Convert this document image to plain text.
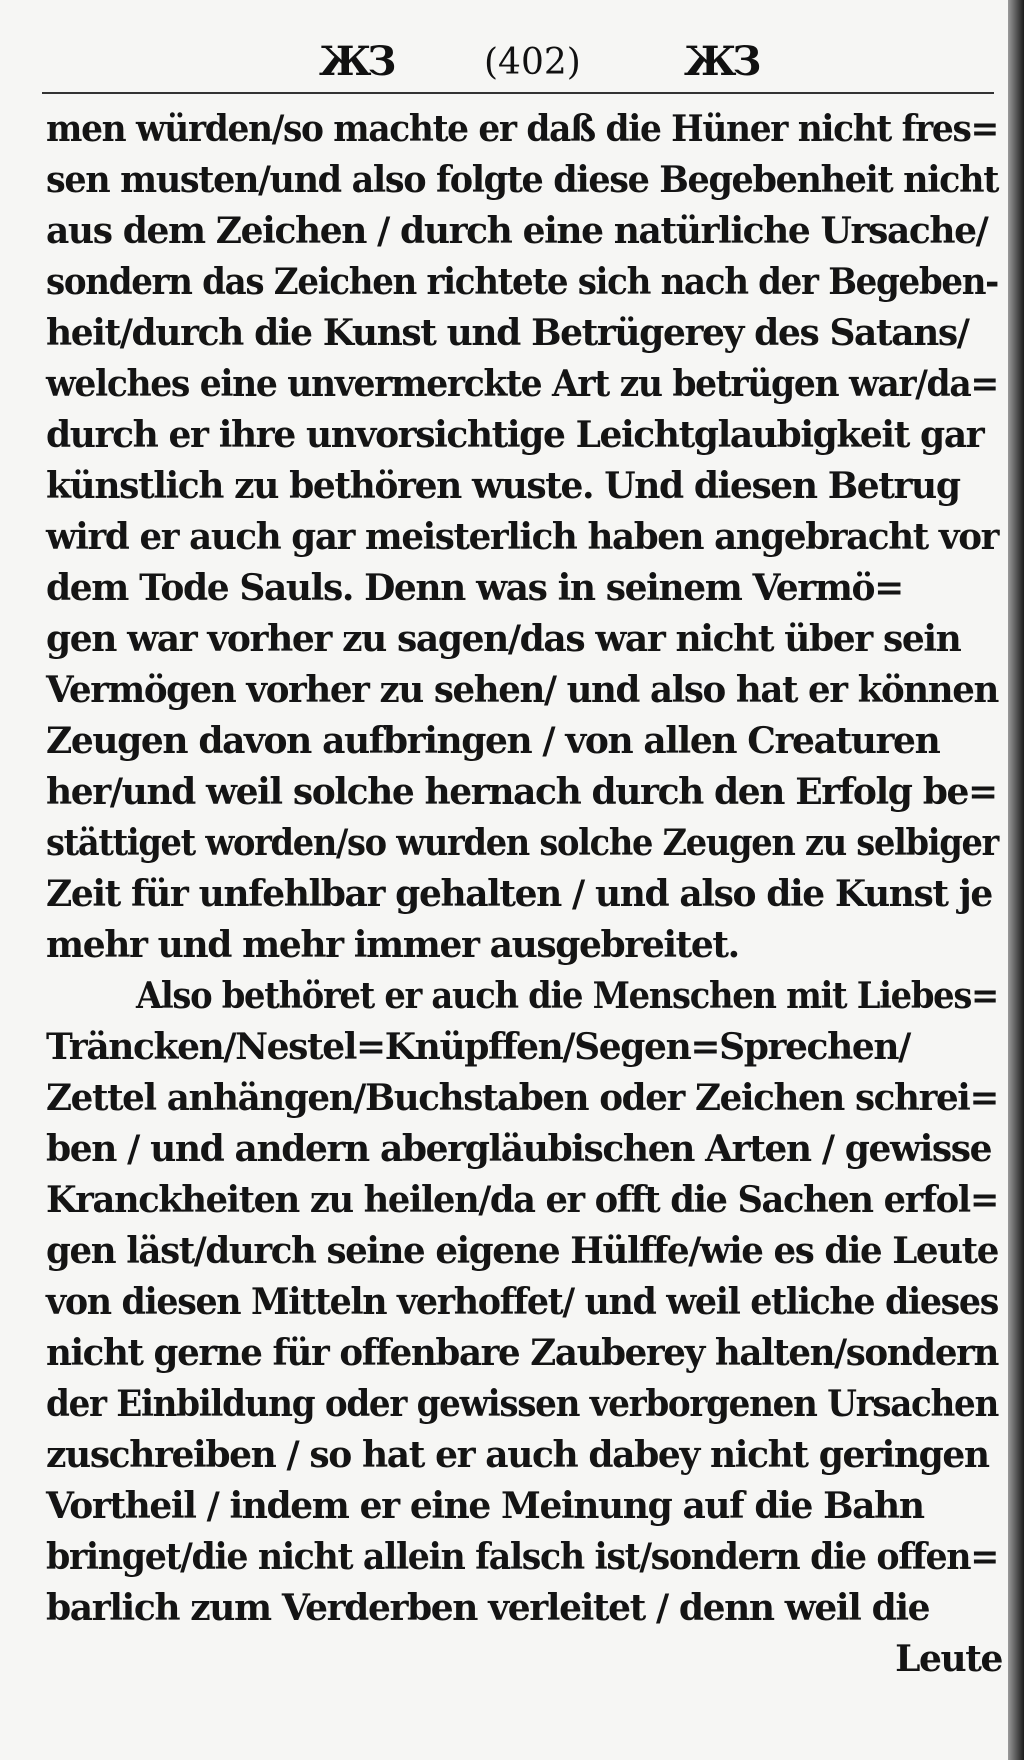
ЖЗ	(402)	ЖЗ
men würden/so machte er daß die Hüner nicht fres=
sen musten/und also folgte diese Begebenheit nicht
aus dem Zeichen / durch eine natürliche Ursache/
sondern das Zeichen richtete sich nach der Begeben-
heit/durch die Kunst und Betrügerey des Satans/
welches eine unvermerckte Art zu betrügen war/da=
durch er ihre unvorsichtige Leichtglaubigkeit gar
künstlich zu bethören wuste. Und diesen Betrug
wird er auch gar meisterlich haben angebracht vor
dem Tode Sauls. Denn was in seinem Vermö=
gen war vorher zu sagen/das war nicht über sein
Vermögen vorher zu sehen/ und also hat er können
Zeugen davon aufbringen / von allen Creaturen
her/und weil solche hernach durch den Erfolg be=
stättiget worden/so wurden solche Zeugen zu selbiger
Zeit für unfehlbar gehalten / und also die Kunst je
mehr und mehr immer ausgebreitet.
Also bethöret er auch die Menschen mit Liebes=
Träncken/Nestel=Knüpffen/Segen=Sprechen/
Zettel anhängen/Buchstaben oder Zeichen schrei=
ben / und andern abergläubischen Arten / gewisse
Kranckheiten zu heilen/da er offt die Sachen erfol=
gen läst/durch seine eigene Hülffe/wie es die Leute
von diesen Mitteln verhoffet/ und weil etliche dieses
nicht gerne für offenbare Zauberey halten/sondern
der Einbildung oder gewissen verborgenen Ursachen
zuschreiben / so hat er auch dabey nicht geringen
Vortheil / indem er eine Meinung auf die Bahn
bringet/die nicht allein falsch ist/sondern die offen=
barlich zum Verderben verleitet / denn weil die
Leute
